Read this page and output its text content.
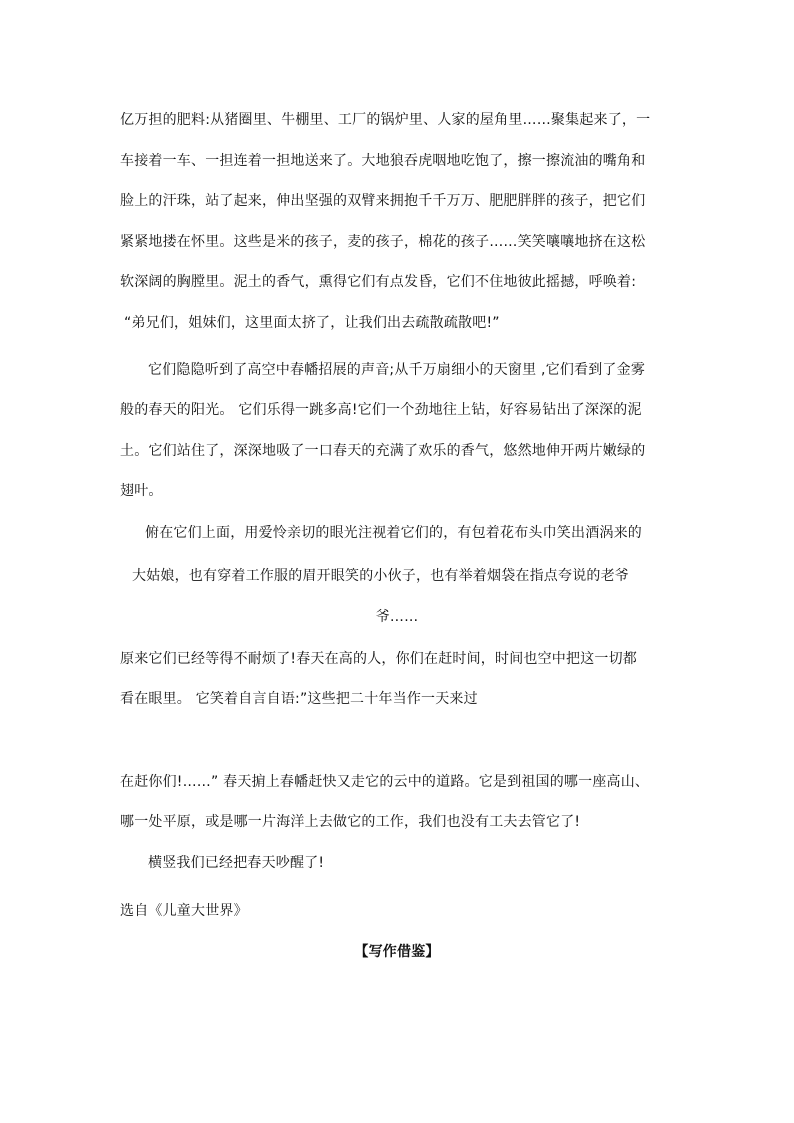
亿万担的肥料:从猪圈里、牛棚里、工厂的锅炉里、人家的屋角里……聚集起来了，一
车接着一车、一担连着一担地送来了。大地狼吞虎咽地吃饱了，擦一擦流油的嘴角和
脸上的汗珠，站了起来，伸出坚强的双臂来拥抱千千万万、肥肥胖胖的孩子，把它们
紧紧地搂在怀里。这些是米的孩子，麦的孩子，棉花的孩子……笑笑嚷嚷地挤在这松
软深阔的胸膛里。泥土的香气，熏得它们有点发昏，它们不住地彼此摇撼，呼唤着:
“弟兄们，姐妹们，这里面太挤了，让我们出去疏散疏散吧!”
它们隐隐听到了高空中春幡招展的声音;从千万扇细小的天窗里 ,它们看到了金雾
般的春天的阳光。 它们乐得一跳多高!它们一个劲地往上钻，好容易钻出了深深的泥
土。它们站住了，深深地吸了一口春天的充满了欢乐的香气，悠然地伸开两片嫩绿的
翅叶。
俯在它们上面，用爱怜亲切的眼光注视着它们的，有包着花布头巾笑出酒涡来的
大姑娘，也有穿着工作服的眉开眼笑的小伙子，也有举着烟袋在指点夸说的老爷
爷……
原来它们已经等得不耐烦了!春天在高的人，你们在赶时间，时间也空中把这一切都
看在眼里。 它笑着自言自语:”这些把二十年当作一天来过
在赶你们!……” 春天掮上春幡赶快又走它的云中的道路。它是到祖国的哪一座高山、
哪一处平原，或是哪一片海洋上去做它的工作，我们也没有工夫去管它了!
横竖我们已经把春天吵醒了!
选自《儿童大世界》
【写作借鉴】
